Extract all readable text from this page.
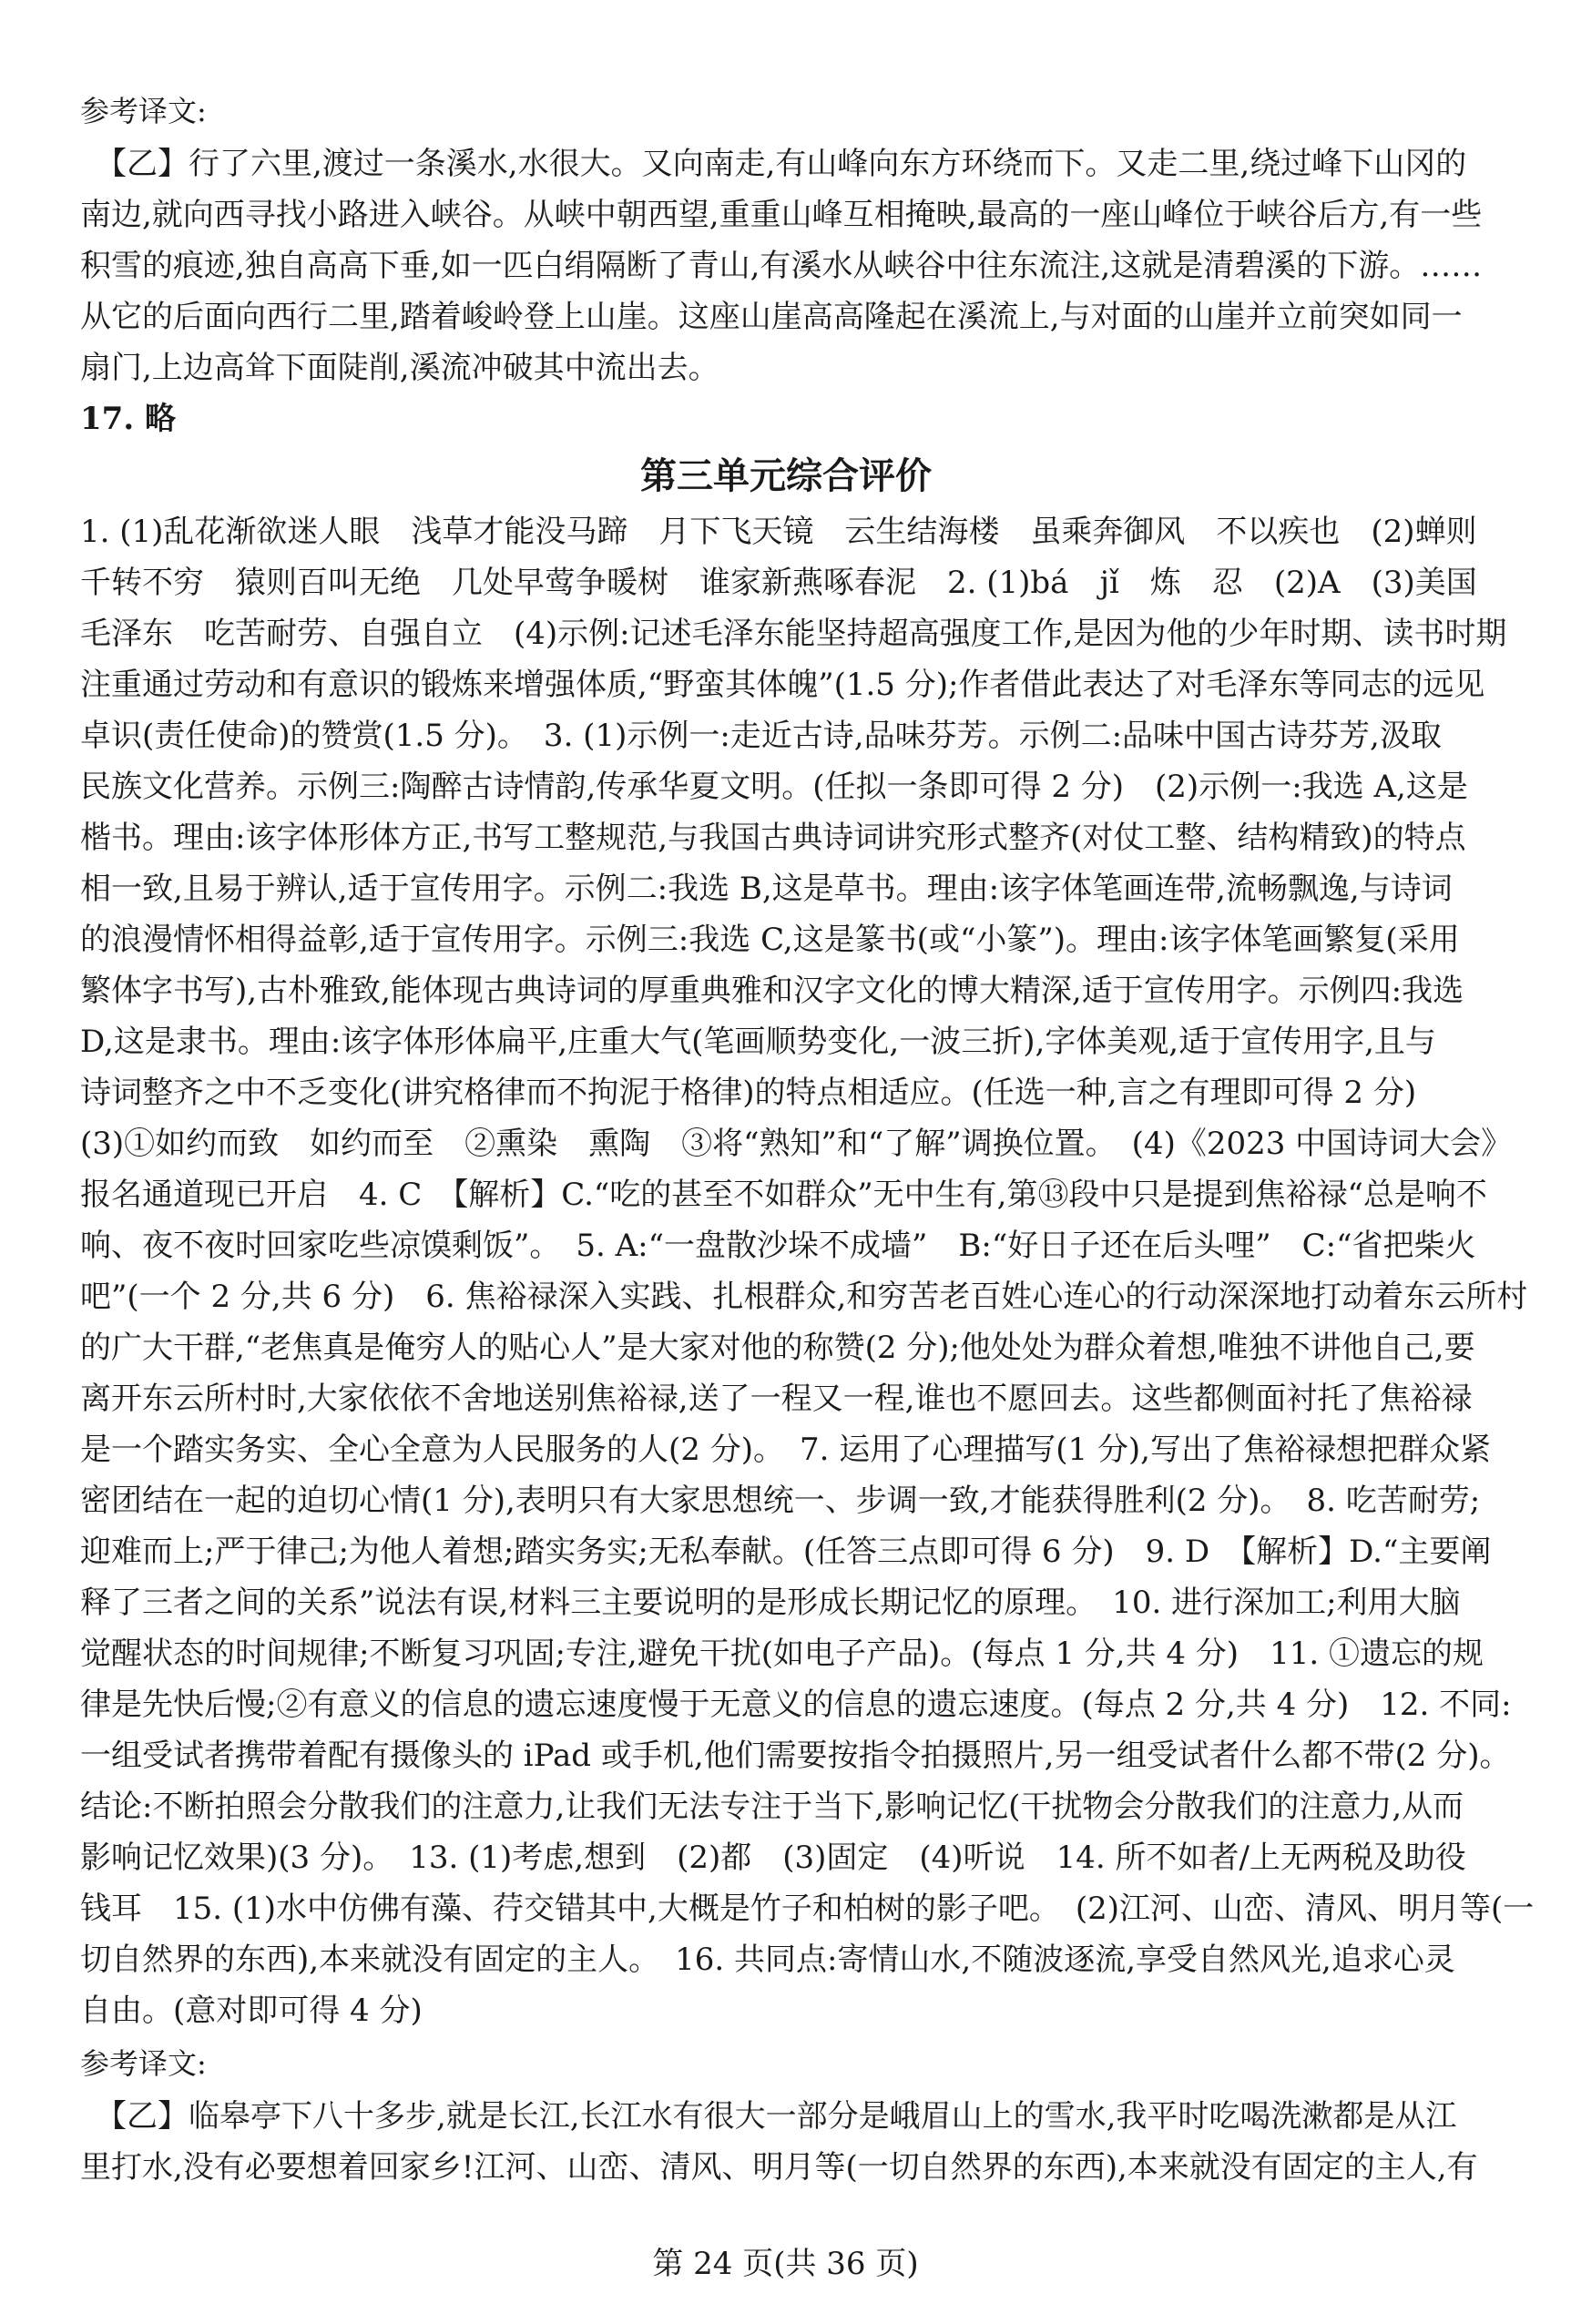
参考译文:
　【乙】行了六里,渡过一条溪水,水很大。又向南走,有山峰向东方环绕而下。又走二里,绕过峰下山冈的
南边,就向西寻找小路进入峡谷。从峡中朝西望,重重山峰互相掩映,最高的一座山峰位于峡谷后方,有一些
积雪的痕迹,独自高高下垂,如一匹白绢隔断了青山,有溪水从峡谷中往东流注,这就是清碧溪的下游。……
从它的后面向西行二里,踏着峻岭登上山崖。这座山崖高高隆起在溪流上,与对面的山崖并立前突如同一
扇门,上边高耸下面陡削,溪流冲破其中流出去。
17. 略
第三单元综合评价
1. (1)乱花渐欲迷人眼　浅草才能没马蹄　月下飞天镜　云生结海楼　虽乘奔御风　不以疾也　(2)蝉则
千转不穷　猿则百叫无绝　几处早莺争暖树　谁家新燕啄春泥　2. (1)bá　jǐ　炼　忍　(2)A　(3)美国
毛泽东　吃苦耐劳、自强自立　(4)示例:记述毛泽东能坚持超高强度工作,是因为他的少年时期、读书时期
注重通过劳动和有意识的锻炼来增强体质,“野蛮其体魄”(1.5 分);作者借此表达了对毛泽东等同志的远见
卓识(责任使命)的赞赏(1.5 分)。　3. (1)示例一:走近古诗,品味芬芳。示例二:品味中国古诗芬芳,汲取
民族文化营养。示例三:陶醉古诗情韵,传承华夏文明。(任拟一条即可得 2 分)　(2)示例一:我选 A,这是
楷书。理由:该字体形体方正,书写工整规范,与我国古典诗词讲究形式整齐(对仗工整、结构精致)的特点
相一致,且易于辨认,适于宣传用字。示例二:我选 B,这是草书。理由:该字体笔画连带,流畅飘逸,与诗词
的浪漫情怀相得益彰,适于宣传用字。示例三:我选 C,这是篆书(或“小篆”)。理由:该字体笔画繁复(采用
繁体字书写),古朴雅致,能体现古典诗词的厚重典雅和汉字文化的博大精深,适于宣传用字。示例四:我选
D,这是隶书。理由:该字体形体扁平,庄重大气(笔画顺势变化,一波三折),字体美观,适于宣传用字,且与
诗词整齐之中不乏变化(讲究格律而不拘泥于格律)的特点相适应。(任选一种,言之有理即可得 2 分)
(3)①如约而致　如约而至　②熏染　熏陶　③将“熟知”和“了解”调换位置。　(4)《2023 中国诗词大会》
报名通道现已开启　4. C　【解析】C.“吃的甚至不如群众”无中生有,第⑬段中只是提到焦裕禄“总是响不
响、夜不夜时回家吃些凉馍剩饭”。　5. A:“一盘散沙垛不成墙”　B:“好日子还在后头哩”　C:“省把柴火
吧”(一个 2 分,共 6 分)　6. 焦裕禄深入实践、扎根群众,和穷苦老百姓心连心的行动深深地打动着东云所村
的广大干群,“老焦真是俺穷人的贴心人”是大家对他的称赞(2 分);他处处为群众着想,唯独不讲他自己,要
离开东云所村时,大家依依不舍地送别焦裕禄,送了一程又一程,谁也不愿回去。这些都侧面衬托了焦裕禄
是一个踏实务实、全心全意为人民服务的人(2 分)。　7. 运用了心理描写(1 分),写出了焦裕禄想把群众紧
密团结在一起的迫切心情(1 分),表明只有大家思想统一、步调一致,才能获得胜利(2 分)。　8. 吃苦耐劳;
迎难而上;严于律己;为他人着想;踏实务实;无私奉献。(任答三点即可得 6 分)　9. D　【解析】D.“主要阐
释了三者之间的关系”说法有误,材料三主要说明的是形成长期记忆的原理。　10. 进行深加工;利用大脑
觉醒状态的时间规律;不断复习巩固;专注,避免干扰(如电子产品)。(每点 1 分,共 4 分)　11. ①遗忘的规
律是先快后慢;②有意义的信息的遗忘速度慢于无意义的信息的遗忘速度。(每点 2 分,共 4 分)　12. 不同:
一组受试者携带着配有摄像头的 iPad 或手机,他们需要按指令拍摄照片,另一组受试者什么都不带(2 分)。
结论:不断拍照会分散我们的注意力,让我们无法专注于当下,影响记忆(干扰物会分散我们的注意力,从而
影响记忆效果)(3 分)。　13. (1)考虑,想到　(2)都　(3)固定　(4)听说　14. 所不如者/上无两税及助役
钱耳　15. (1)水中仿佛有藻、荇交错其中,大概是竹子和柏树的影子吧。　(2)江河、山峦、清风、明月等(一
切自然界的东西),本来就没有固定的主人。　16. 共同点:寄情山水,不随波逐流,享受自然风光,追求心灵
自由。(意对即可得 4 分)
参考译文:
　【乙】临皋亭下八十多步,就是长江,长江水有很大一部分是峨眉山上的雪水,我平时吃喝洗漱都是从江
里打水,没有必要想着回家乡!江河、山峦、清风、明月等(一切自然界的东西),本来就没有固定的主人,有
第 24 页(共 36 页)
